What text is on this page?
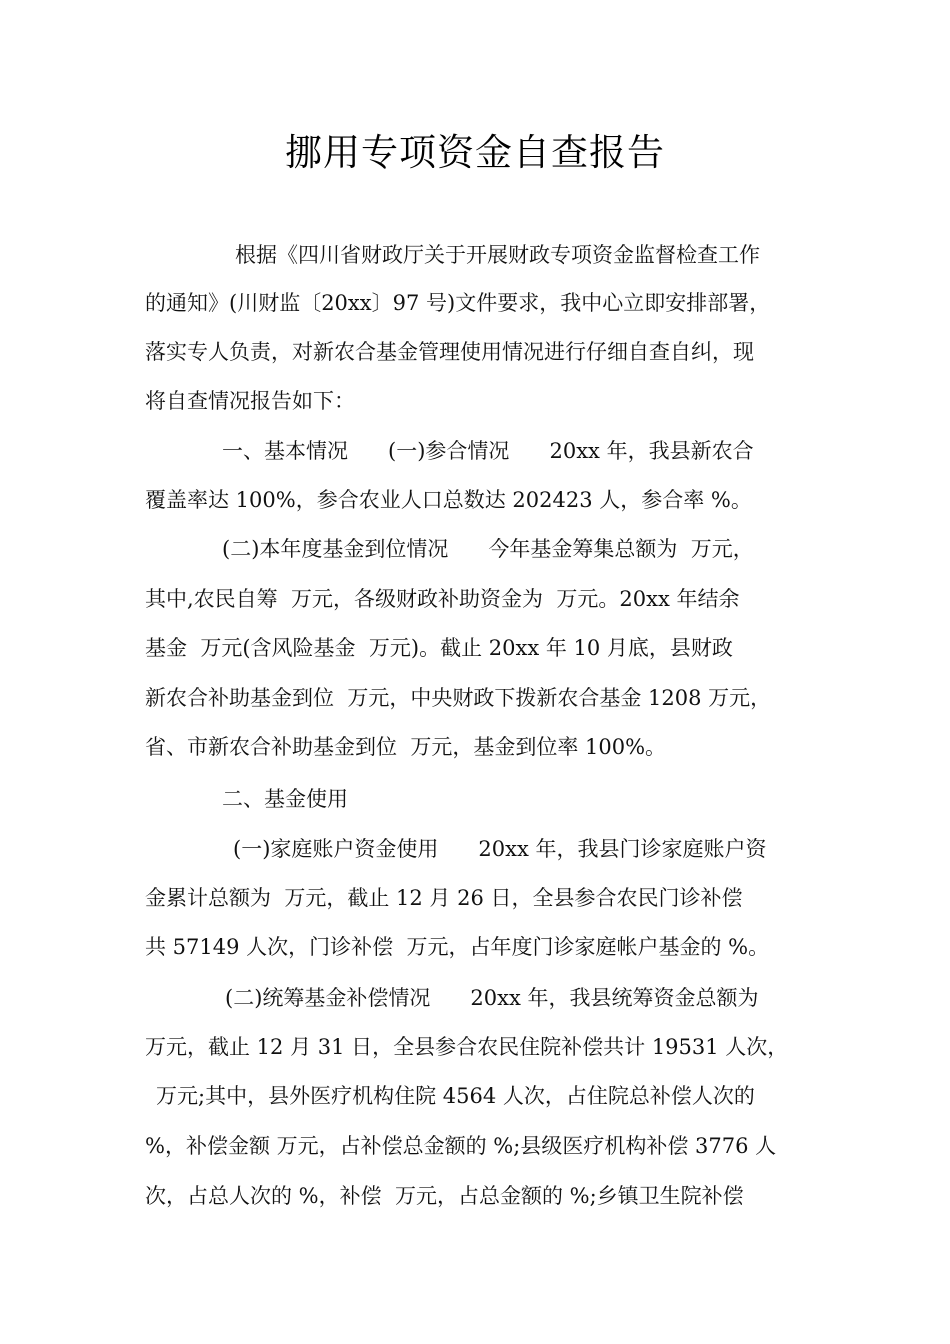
挪用专项资金自查报告
根据《四川省财政厅关于开展财政专项资金监督检查工作
的通知》(川财监〔20xx〕97 号)文件要求，我中心立即安排部署，
落实专人负责，对新农合基金管理使用情况进行仔细自查自纠，现
将自查情况报告如下：
一、基本情况      (一)参合情况      20xx 年，我县新农合
覆盖率达 100%，参合农业人口总数达 202423 人，参合率 %。
(二)本年度基金到位情况      今年基金筹集总额为  万元，
其中,农民自筹  万元，各级财政补助资金为  万元。20xx 年结余
基金  万元(含风险基金  万元)。截止 20xx 年 10 月底，县财政
新农合补助基金到位  万元，中央财政下拨新农合基金 1208 万元，
省、市新农合补助基金到位  万元，基金到位率 100%。
二、基金使用
(一)家庭账户资金使用      20xx 年，我县门诊家庭账户资
金累计总额为  万元，截止 12 月 26 日，全县参合农民门诊补偿
共 57149 人次，门诊补偿  万元，占年度门诊家庭帐户基金的 %。
(二)统筹基金补偿情况      20xx 年，我县统筹资金总额为
万元，截止 12 月 31 日，全县参合农民住院补偿共计 19531 人次，
万元;其中，县外医疗机构住院 4564 人次，占住院总补偿人次的
%，补偿金额 万元，占补偿总金额的 %;县级医疗机构补偿 3776 人
次，占总人次的 %，补偿  万元，占总金额的 %;乡镇卫生院补偿
